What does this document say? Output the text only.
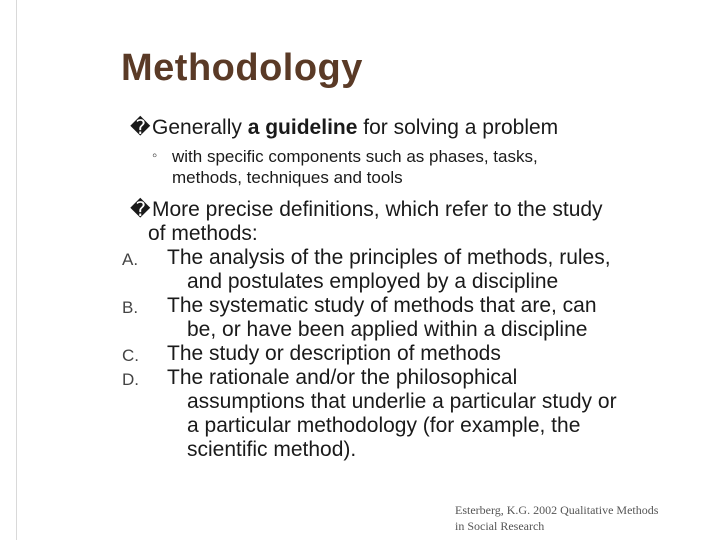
Methodology
� Generally a guideline for solving a problem
◦ with specific components such as phases, tasks,
methods, techniques and tools
� More precise definitions, which refer to the study
of methods:
A. The analysis of the principles of methods, rules,
and postulates employed by a discipline
B. The systematic study of methods that are, can
be, or have been applied within a discipline
C. The study or description of methods
D. The rationale and/or the philosophical
assumptions that underlie a particular study or
a particular methodology (for example, the
scientific method).
Esterberg, K.G. 2002 Qualitative Methods
in Social Research
